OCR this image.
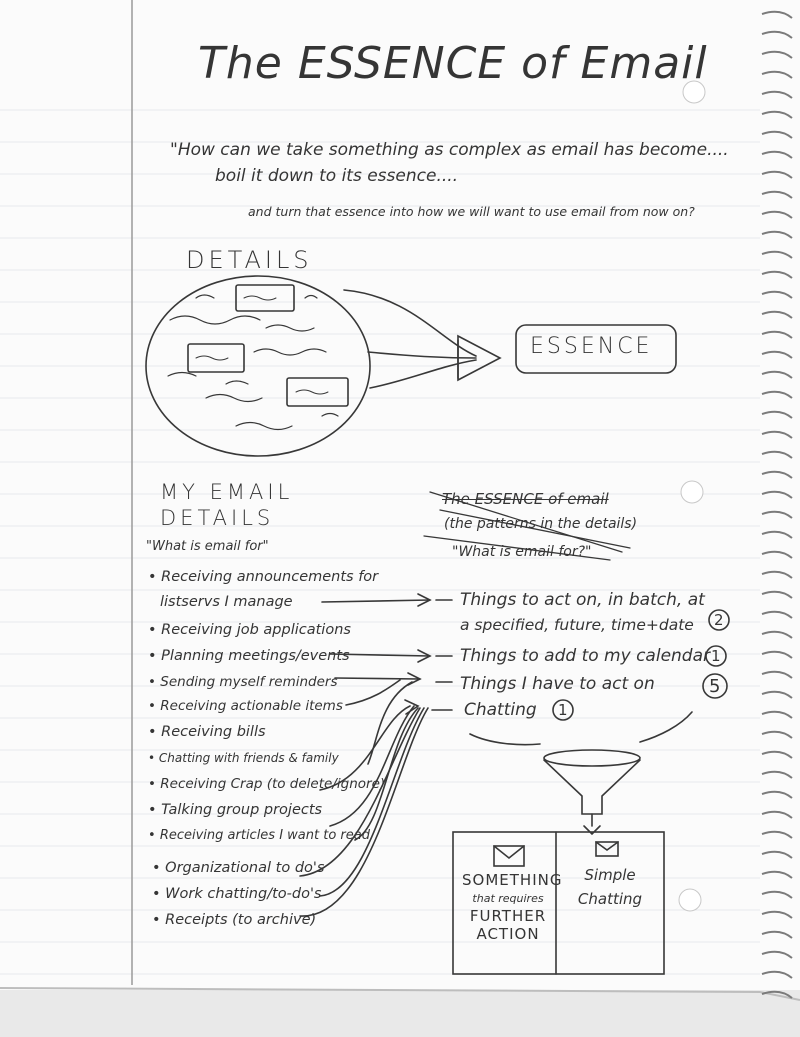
The ESSENCE of Email
"How can we take something as complex as email has become....
boil it down to its essence....
and turn that essence into how we will want to use email from now on?
DETAILS
ESSENCE
MY EMAIL
DETAILS
"What is email for"
• Receiving announcements for
listservs I manage
• Receiving job applications
• Planning meetings/events
• Sending myself reminders
• Receiving actionable items
• Receiving bills
• Chatting with friends & family
• Receiving Crap (to delete/ignore)
• Talking group projects
• Receiving articles I want to read
• Organizational to do's
• Work chatting/to-do's
• Receipts (to archive)
The ESSENCE of email
(the patterns in the details)
"What is email for?"
Things to act on, in batch, at
a specified, future, time+date 2
Things to add to my calendar 1
Things I have to act on	5
Chatting 1
SOMETHING
that requires
FURTHER
ACTION
Simple
Chatting
